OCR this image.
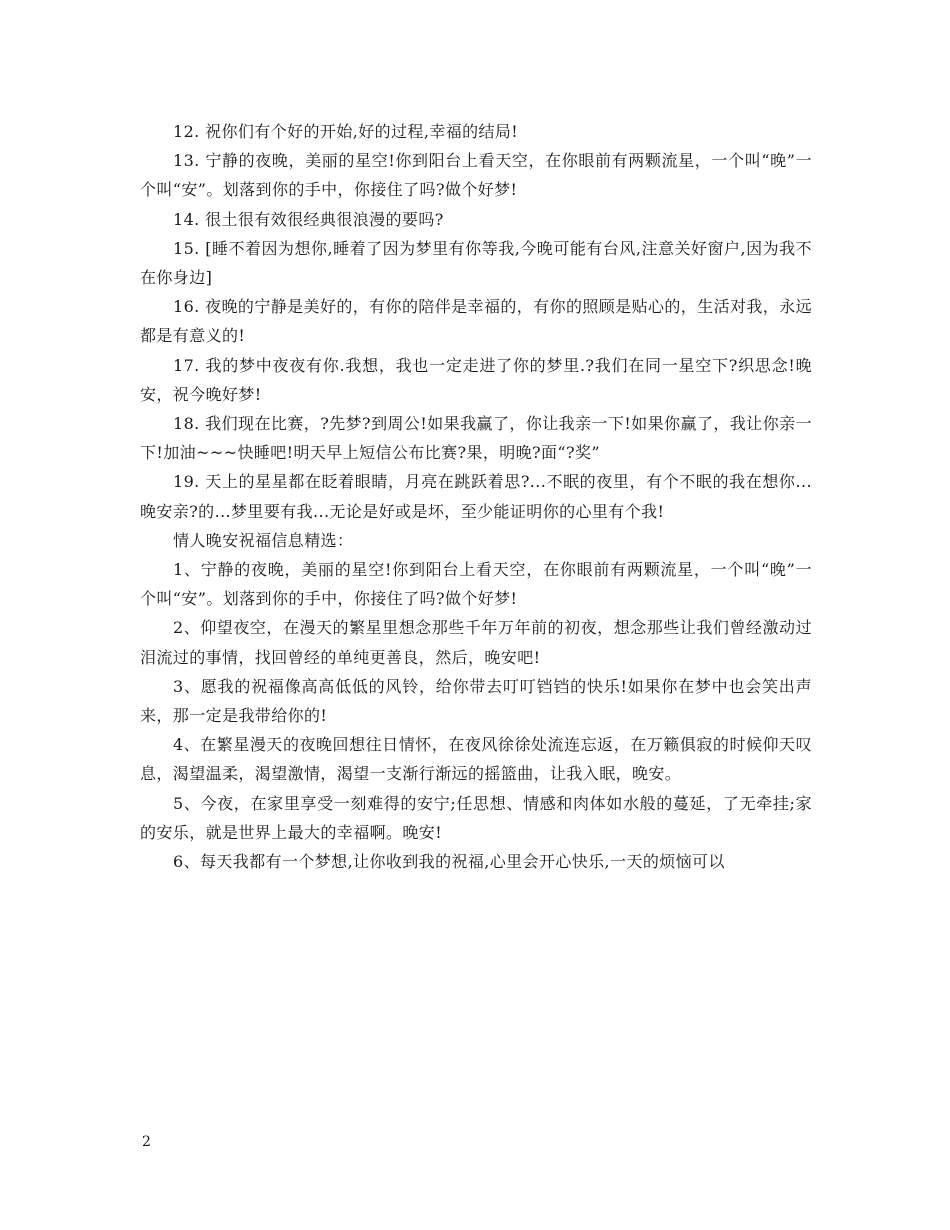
12. 祝你们有个好的开始,好的过程,幸福的结局!

13. 宁静的夜晚，美丽的星空!你到阳台上看天空，在你眼前有两颗流星，一个叫“晚”一个叫“安”。划落到你的手中，你接住了吗?做个好梦!

14. 很土很有效很经典很浪漫的要吗?

15. [睡不着因为想你,睡着了因为梦里有你等我,今晚可能有台风,注意关好窗户,因为我不在你身边]

16. 夜晚的宁静是美好的，有你的陪伴是幸福的，有你的照顾是贴心的，生活对我，永远都是有意义的!

17. 我的梦中夜夜有你.我想，我也一定走进了你的梦里.?我们在同一星空下?织思念!晚安，祝今晚好梦!

18. 我们现在比赛，?先梦?到周公!如果我赢了，你让我亲一下!如果你赢了，我让你亲一下!加油~~~快睡吧!明天早上短信公布比赛?果，明晚?面“?奖”

19. 天上的星星都在眨着眼睛，月亮在跳跃着思?...不眠的夜里，有个不眠的我在想你...晚安亲?的...梦里要有我...无论是好或是坏，至少能证明你的心里有个我!

情人晚安祝福信息精选：

1、宁静的夜晚，美丽的星空!你到阳台上看天空，在你眼前有两颗流星，一个叫“晚”一个叫“安”。划落到你的手中，你接住了吗?做个好梦!

2、仰望夜空，在漫天的繁星里想念那些千年万年前的初夜，想念那些让我们曾经激动过泪流过的事情，找回曾经的单纯更善良，然后，晚安吧!

3、愿我的祝福像高高低低的风铃，给你带去叮叮铛铛的快乐!如果你在梦中也会笑出声来，那一定是我带给你的!

4、在繁星漫天的夜晚回想往日情怀，在夜风徐徐处流连忘返，在万籁俱寂的时候仰天叹息，渴望温柔，渴望激情，渴望一支渐行渐远的摇篮曲，让我入眠，晚安。

5、今夜，在家里享受一刻难得的安宁;任思想、情感和肉体如水般的蔓延，了无牵挂;家的安乐，就是世界上最大的幸福啊。晚安!

6、每天我都有一个梦想,让你收到我的祝福,心里会开心快乐,一天的烦恼可以

2
